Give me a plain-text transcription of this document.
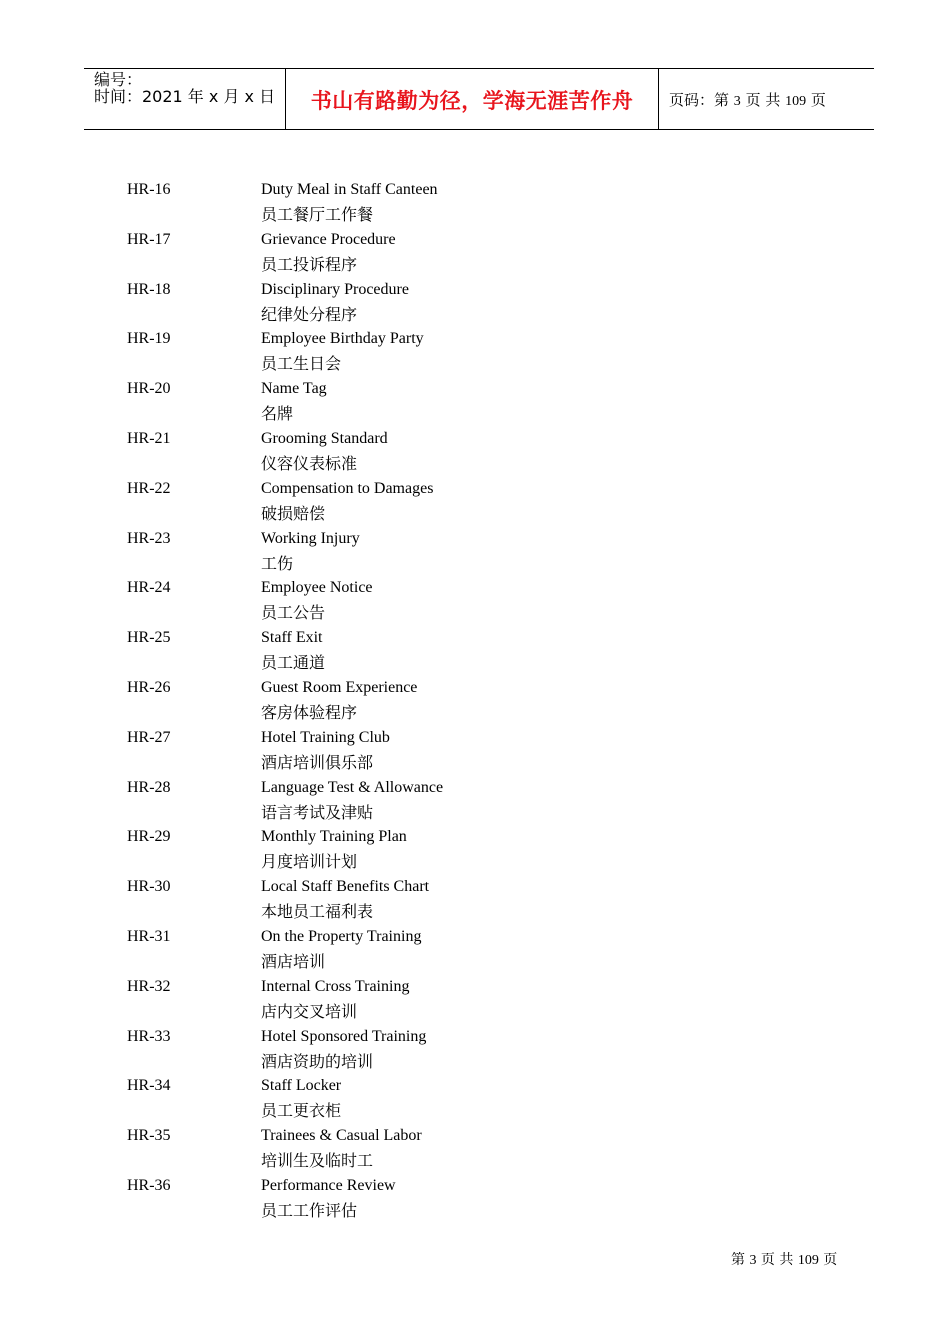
编号：
时间：2021 年 x 月 x 日	书山有路勤为径，学海无涯苦作舟	页码：第 3 页 共 109 页
HR-16	Duty Meal in Staff Canteen
员工餐厅工作餐
HR-17	Grievance Procedure
员工投诉程序
HR-18	Disciplinary Procedure
纪律处分程序
HR-19	Employee Birthday Party
员工生日会
HR-20	Name Tag
名牌
HR-21	Grooming Standard
仪容仪表标准
HR-22	Compensation to Damages
破损赔偿
HR-23	Working Injury
工伤
HR-24	Employee Notice
员工公告
HR-25	Staff Exit
员工通道
HR-26	Guest Room Experience
客房体验程序
HR-27	Hotel Training Club
酒店培训俱乐部
HR-28	Language Test & Allowance
语言考试及津贴
HR-29	Monthly Training Plan
月度培训计划
HR-30	Local Staff Benefits Chart
本地员工福利表
HR-31	On the Property Training
酒店培训
HR-32	Internal Cross Training
店内交叉培训
HR-33	Hotel Sponsored Training
酒店资助的培训
HR-34	Staff Locker
员工更衣柜
HR-35	Trainees & Casual Labor
培训生及临时工
HR-36	Performance Review
员工工作评估
第 3 页 共 109 页
